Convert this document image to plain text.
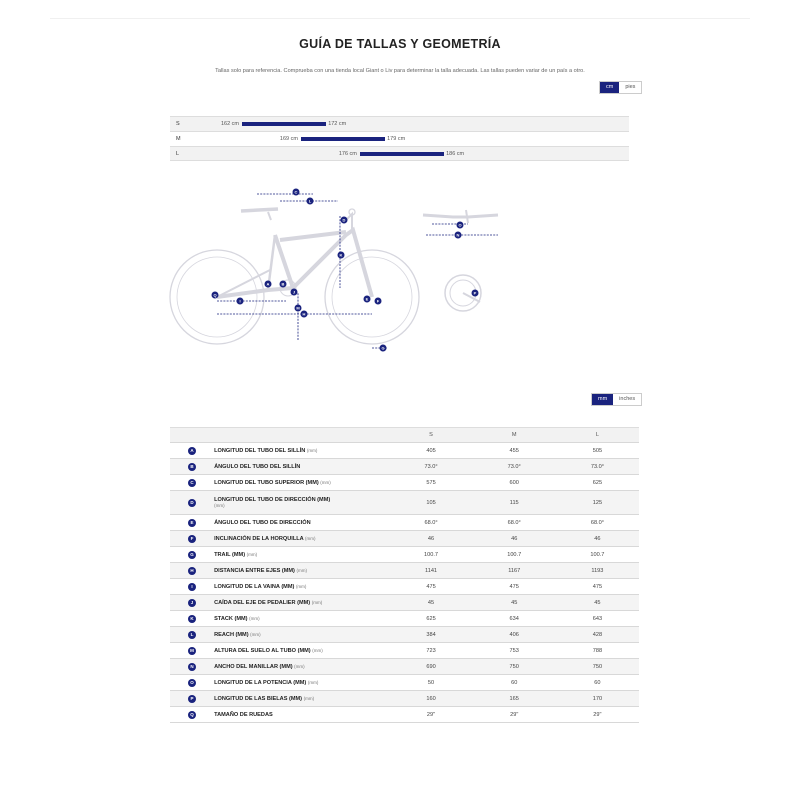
GUÍA DE TALLAS Y GEOMETRÍA
Tallas solo para referencia. Comprueba con una tienda local Giant o Liv para determinar la talla adecuada. Las tallas pueden variar de un país a otro.
cm	pies
S	162 cm	172 cm
M	169 cm	179 cm
L	176 cm	186 cm
C
L
K
B
Q
I
H
M
E F
G
A
J
D
O
N
P
mm	inches
		S	M	L
A	LONGITUD DEL TUBO DEL SILLÍN (mm)	405	455	505
B	ÁNGULO DEL TUBO DEL SILLÍN	73.0°	73.0°	73.0°
C	LONGITUD DEL TUBO SUPERIOR (MM) (mm)	575	600	625
D	LONGITUD DEL TUBO DE DIRECCIÓN (MM)
(mm)	105	115	125
E	ÁNGULO DEL TUBO DE DIRECCIÓN	68.0°	68.0°	68.0°
F	INCLINACIÓN DE LA HORQUILLA (mm)	46	46	46
G	TRAIL (MM) (mm)	100.7	100.7	100.7
H	DISTANCIA ENTRE EJES (MM) (mm)	1141	1167	1193
I	LONGITUD DE LA VAINA (MM) (mm)	475	475	475
J	CAÍDA DEL EJE DE PEDALIER (MM) (mm)	45	45	45
K	STACK (MM) (mm)	625	634	643
L	REACH (MM) (mm)	384	406	428
M	ALTURA DEL SUELO AL TUBO (MM) (mm)	723	753	788
N	ANCHO DEL MANILLAR (MM) (mm)	690	750	750
O	LONGITUD DE LA POTENCIA (MM) (mm)	50	60	60
P	LONGITUD DE LAS BIELAS (MM) (mm)	160	165	170
Q	TAMAÑO DE RUEDAS	29"	29"	29"
